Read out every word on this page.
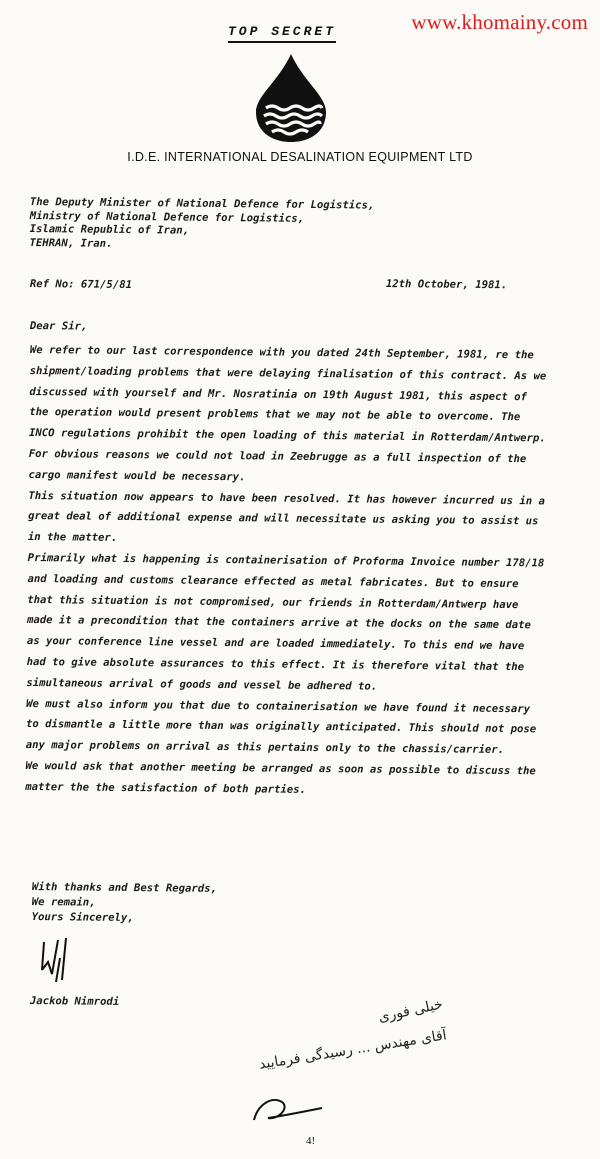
www.khomainy.com
TOP SECRET
I.D.E. INTERNATIONAL DESALINATION EQUIPMENT LTD
The Deputy Minister of National Defence for Logistics,
Ministry of National Defence for Logistics,
Islamic Republic of Iran,
TEHRAN, Iran.
Ref No: 671/5/81	12th October, 1981.
Dear Sir,

We refer to our last correspondence with you dated 24th September, 1981, re the shipment/loading problems that were delaying finalisation of this contract. As we discussed with yourself and Mr. Nosratinia on 19th August 1981, this aspect of the operation would present problems that we may not be able to overcome. The INCO regulations prohibit the open loading of this material in Rotterdam/Antwerp. For obvious reasons we could not load in Zeebrugge as a full inspection of the cargo manifest would be necessary.

This situation now appears to have been resolved. It has however incurred us in a great deal of additional expense and will necessitate us asking you to assist us in the matter.

Primarily what is happening is containerisation of Proforma Invoice number 178/18 and loading and customs clearance effected as metal fabricates. But to ensure that this situation is not compromised, our friends in Rotterdam/Antwerp have made it a precondition that the containers arrive at the docks on the same date as your conference line vessel and are loaded immediately. To this end we have had to give absolute assurances to this effect. It is therefore vital that the simultaneous arrival of goods and vessel be adhered to.

We must also inform you that due to containerisation we have found it necessary to dismantle a little more than was originally anticipated. This should not pose any major problems on arrival as this pertains only to the chassis/carrier.

We would ask that another meeting be arranged as soon as possible to discuss the matter the the satisfaction of both parties.

With thanks and Best Regards,
We remain,
Yours Sincerely,
Jackob Nimrodi	خیلی فوری
آقای مهندس ... رسیدگی فرمایید
4!
